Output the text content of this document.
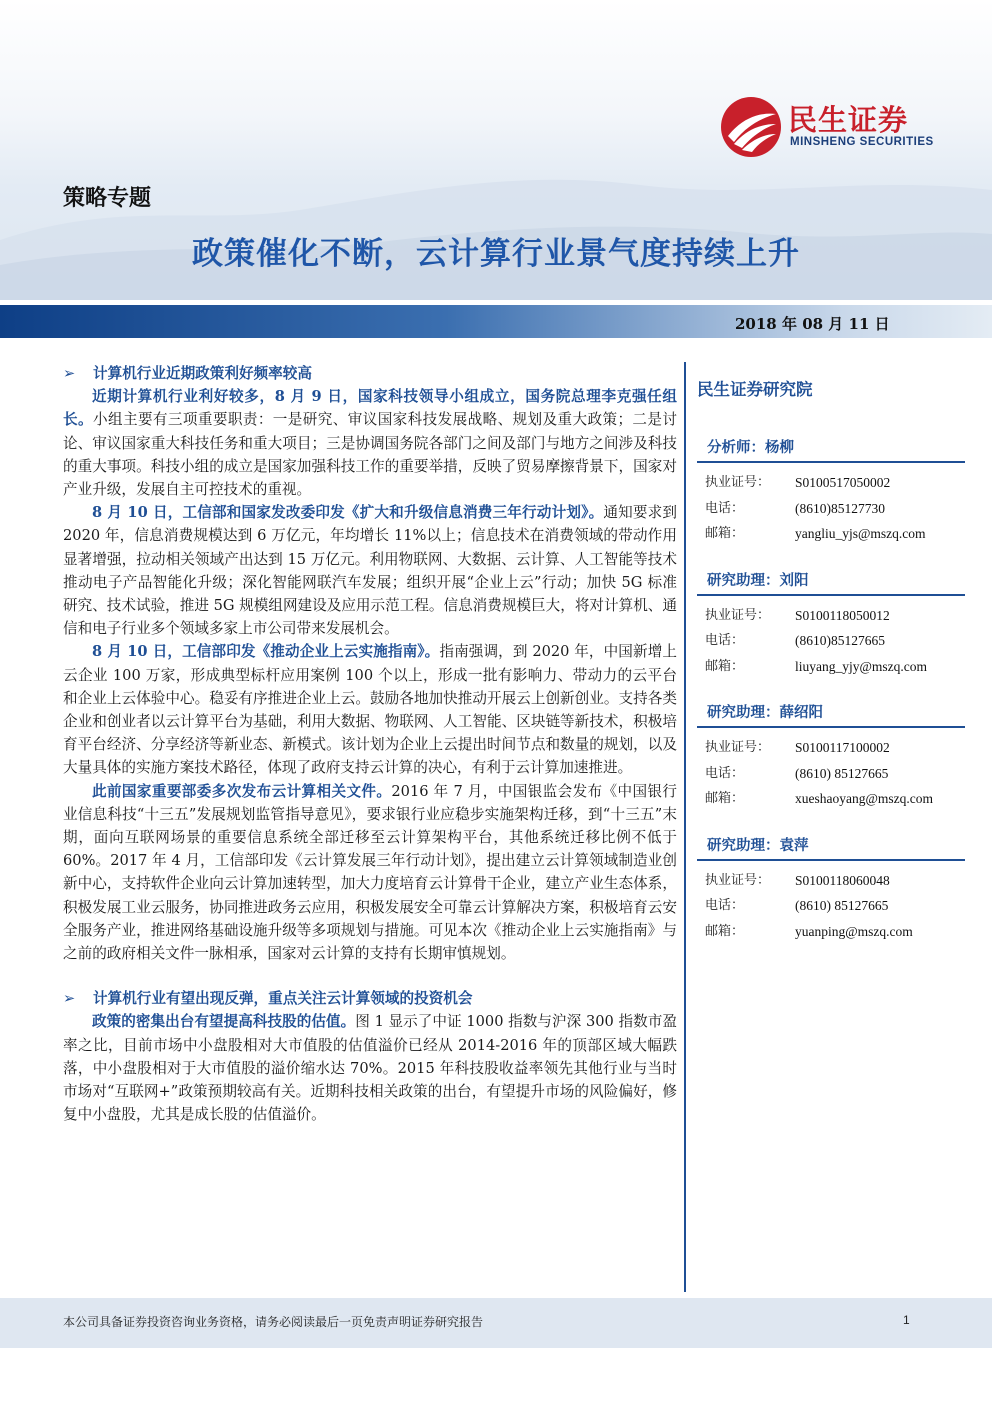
民生证券
MINSHENG SECURITIES
策略专题
政策催化不断，云计算行业景气度持续上升
2018 年 08 月 11 日

➢ 计算机行业近期政策利好频率较高

近期计算机行业利好较多，8 月 9 日，国家科技领导小组成立，国务院总理李克强任组长。小组主要有三项重要职责：一是研究、审议国家科技发展战略、规划及重大政策；二是讨论、审议国家重大科技任务和重大项目；三是协调国务院各部门之间及部门与地方之间涉及科技的重大事项。科技小组的成立是国家加强科技工作的重要举措，反映了贸易摩擦背景下，国家对产业升级，发展自主可控技术的重视。

8 月 10 日，工信部和国家发改委印发《扩大和升级信息消费三年行动计划》。通知要求到 2020 年，信息消费规模达到 6 万亿元，年均增长 11%以上；信息技术在消费领域的带动作用显著增强，拉动相关领域产出达到 15 万亿元。利用物联网、大数据、云计算、人工智能等技术推动电子产品智能化升级；深化智能网联汽车发展；组织开展“企业上云”行动；加快 5G 标准研究、技术试验，推进 5G 规模组网建设及应用示范工程。信息消费规模巨大，将对计算机、通信和电子行业多个领域多家上市公司带来发展机会。

8 月 10 日，工信部印发《推动企业上云实施指南》。指南强调，到 2020 年，中国新增上云企业 100 万家，形成典型标杆应用案例 100 个以上，形成一批有影响力、带动力的云平台和企业上云体验中心。稳妥有序推进企业上云。鼓励各地加快推动开展云上创新创业。支持各类企业和创业者以云计算平台为基础，利用大数据、物联网、人工智能、区块链等新技术，积极培育平台经济、分享经济等新业态、新模式。该计划为企业上云提出时间节点和数量的规划，以及大量具体的实施方案技术路径，体现了政府支持云计算的决心，有利于云计算加速推进。

此前国家重要部委多次发布云计算相关文件。2016 年 7 月，中国银监会发布《中国银行业信息科技“十三五”发展规划监管指导意见》，要求银行业应稳步实施架构迁移，到“十三五”末期，面向互联网场景的重要信息系统全部迁移至云计算架构平台，其他系统迁移比例不低于 60%。2017 年 4 月，工信部印发《云计算发展三年行动计划》，提出建立云计算领域制造业创新中心，支持软件企业向云计算加速转型，加大力度培育云计算骨干企业，建立产业生态体系，积极发展工业云服务，协同推进政务云应用，积极发展安全可靠云计算解决方案，积极培育云安全服务产业，推进网络基础设施升级等多项规划与措施。可见本次《推动企业上云实施指南》与之前的政府相关文件一脉相承，国家对云计算的支持有长期审慎规划。

➢ 计算机行业有望出现反弹，重点关注云计算领域的投资机会

政策的密集出台有望提高科技股的估值。图 1 显示了中证 1000 指数与沪深 300 指数市盈率之比，目前市场中小盘股相对大市值股的估值溢价已经从 2014-2016 年的顶部区域大幅跌落，中小盘股相对于大市值股的溢价缩水达 70%。2015 年科技股收益率领先其他行业与当时市场对“互联网+”政策预期较高有关。近期科技相关政策的出台，有望提升市场的风险偏好，修复中小盘股，尤其是成长股的估值溢价。

民生证券研究院
分析师：杨柳
执业证号：	S0100517050002
电话：	(8610)85127730
邮箱：	yangliu_yjs@mszq.com
研究助理：刘阳
执业证号：	S0100118050012
电话：	(8610)85127665
邮箱：	liuyang_yjy@mszq.com
研究助理：薛绍阳
执业证号：	S0100117100002
电话：	(8610) 85127665
邮箱：	xueshaoyang@mszq.com
研究助理：袁萍
执业证号：	S0100118060048
电话：	(8610) 85127665
邮箱：	yuanping@mszq.com
本公司具备证券投资咨询业务资格，请务必阅读最后一页免责声明证券研究报告	1
